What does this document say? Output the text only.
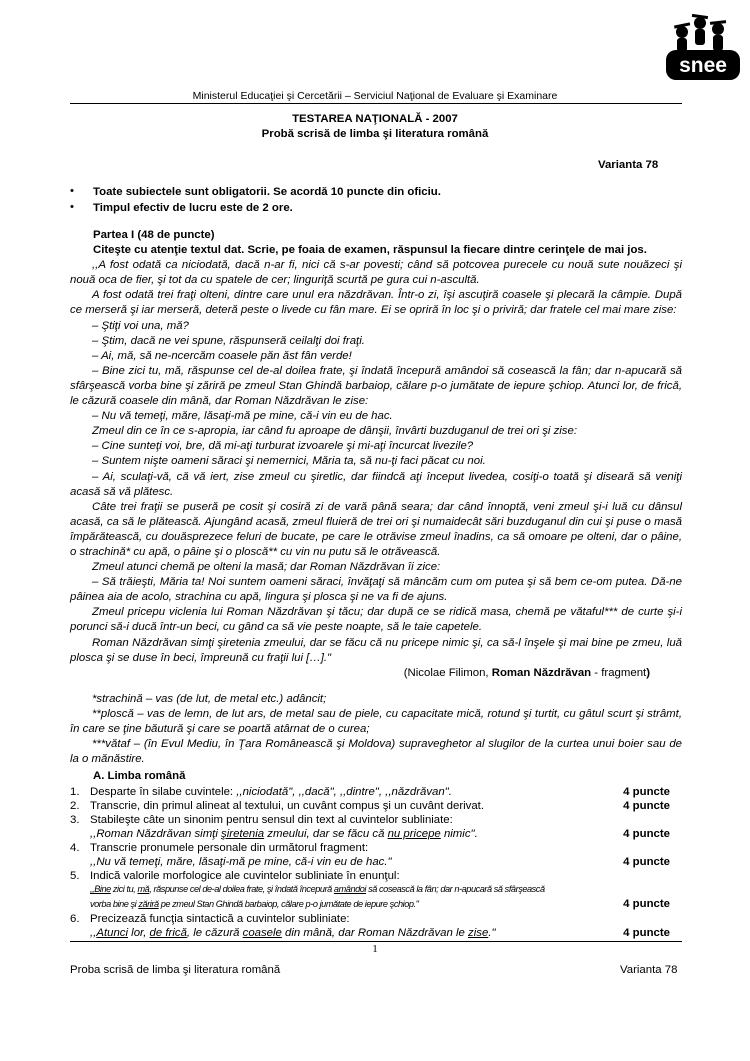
snee
Ministerul Educaţiei şi Cercetării – Serviciul Naţional de Evaluare şi Examinare
TESTAREA NAŢIONALĂ - 2007
Probă scrisă de limba şi literatura română
Varianta 78
• Toate subiectele sunt obligatorii. Se acordă 10 puncte din oficiu.
• Timpul efectiv de lucru este de 2 ore.

Partea I (48 de puncte)

Citeşte cu atenţie textul dat. Scrie, pe foaia de examen, răspunsul la fiecare dintre cerinţele de mai jos.

,,A fost odată ca niciodată, dacă n-ar fi, nici că s-ar povesti; când să potcovea purecele cu nouă sute nouăzeci şi nouă oca de fier, şi tot da cu spatele de cer; linguriţă scurtă pe gura cui n-ascultă.

A fost odată trei fraţi olteni, dintre care unul era năzdrăvan. Într-o zi, îşi ascuţiră coasele şi plecară la câmpie. După ce merseră şi iar merseră, deteră peste o livede cu fân mare. Ei se opriră în loc şi o priviră; dar fratele cel mai mare zise:

– Ştiţi voi una, mă?

– Ştim, dacă ne vei spune, răspunseră ceilalţi doi fraţi.

– Ai, mă, să ne-ncercăm coasele păn ăst fân verde!

– Bine zici tu, mă, răspunse cel de-al doilea frate, şi îndată începură amândoi să cosească la fân; dar n-apucară să sfârşească vorba bine şi zăriră pe zmeul Stan Ghindă barbaiop, călare p-o jumătate de iepure şchiop. Atunci lor, de frică, le căzură coasele din mână, dar Roman Năzdrăvan le zise:

– Nu vă temeţi, măre, lăsaţi-mă pe mine, că-i vin eu de hac.

Zmeul din ce în ce s-apropia, iar când fu aproape de dânşii, învârti buzduganul de trei ori şi zise:

– Cine sunteţi voi, bre, dă mi-aţi turburat izvoarele şi mi-aţi încurcat livezile?

– Suntem nişte oameni săraci şi nemernici, Măria ta, să nu-ţi faci păcat cu noi.

– Ai, sculaţi-vă, că vă iert, zise zmeul cu şiretlic, dar fiindcă aţi început livedea, cosiţi-o toată şi diseară să veniţi acasă să vă plătesc.

Câte trei fraţii se puseră pe cosit şi cosiră zi de vară până seara; dar când înnoptă, veni zmeul şi-i luă cu dânsul acasă, ca să le plătească. Ajungând acasă, zmeul fluieră de trei ori şi numaidecât sări buzduganul din cui şi puse o masă împărătească, cu douăsprezece feluri de bucate, pe care le otrăvise zmeul înadins, ca să omoare pe olteni, dar o pâine, o strachină* cu apă, o pâine şi o ploscă** cu vin nu putu să le otrăvească.

Zmeul atunci chemă pe olteni la masă; dar Roman Năzdrăvan îi zice:

– Să trăieşti, Măria ta! Noi suntem oameni săraci, învăţaţi să mâncăm cum om putea şi să bem ce-om putea. Dă-ne pâinea aia de acolo, strachina cu apă, lingura şi plosca şi ne va fi de ajuns.

Zmeul pricepu viclenia lui Roman Năzdrăvan şi tăcu; dar după ce se ridică masa, chemă pe vătaful*** de curte şi-i porunci să-i ducă într-un beci, cu gând ca să vie peste noapte, să le taie capetele.

Roman Năzdrăvan simţi şiretenia zmeului, dar se făcu că nu pricepe nimic şi, ca să-l înşele şi mai bine pe zmeu, luă plosca şi se duse în beci, împreună cu fraţii lui […]."

(Nicolae Filimon, Roman Năzdrăvan - fragment)

*strachină – vas (de lut, de metal etc.) adâncit;

**ploscă – vas de lemn, de lut ars, de metal sau de piele, cu capacitate mică, rotund şi turtit, cu gâtul scurt şi strâmt, în care se ţine băutură şi care se poartă atârnat de o curea;

***vătaf – (în Evul Mediu, în Ţara Românească şi Moldova) supraveghetor al slugilor de la curtea unui boier sau de la o mănăstire.

A. Limba română
1. Desparte în silabe cuvintele: ,,niciodată", ,,dacă", ,,dintre", ,,năzdrăvan".	4 puncte
2. Transcrie, din primul alineat al textului, un cuvânt compus şi un cuvânt derivat.	4 puncte
3. Stabileşte câte un sinonim pentru sensul din text al cuvintelor subliniate:
,,Roman Năzdrăvan simţi şiretenia zmeului, dar se făcu că nu pricepe nimic".	4 puncte
4. Transcrie pronumele personale din următorul fragment:
,,Nu vă temeţi, măre, lăsaţi-mă pe mine, că-i vin eu de hac."	4 puncte
5. Indică valorile morfologice ale cuvintelor subliniate în enunţul:
,,Bine zici tu, mă, răspunse cel de-al doilea frate, şi îndată începură amândoi să cosească la fân; dar n-apucară să sfârşească
vorba bine şi zăriră pe zmeul Stan Ghindă barbaiop, călare p-o jumătate de iepure şchiop."	4 puncte
6. Precizează funcţia sintactică a cuvintelor subliniate:
,,Atunci lor, de frică, le căzură coasele din mână, dar Roman Năzdrăvan le zise."	4 puncte
1
Proba scrisă de limba şi literatura română	Varianta 78
